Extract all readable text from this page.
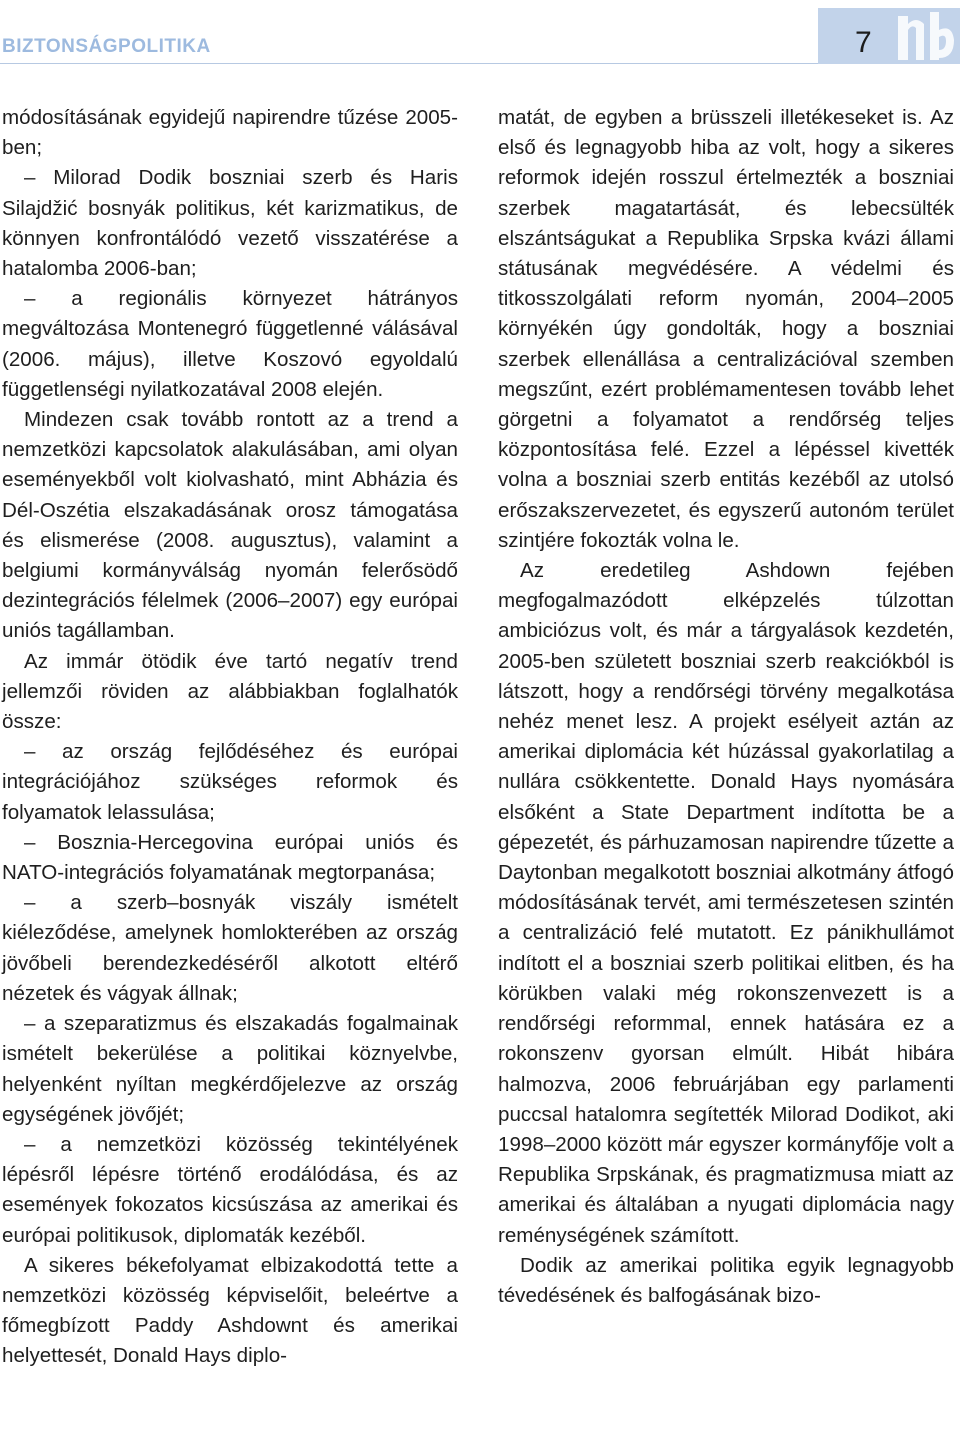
BIZTONSÁGPOLITIKA	7

módosításának egyidejű napirendre tűzése 2005-ben;

– Milorad Dodik boszniai szerb és Haris Silajdžić bosnyák politikus, két karizmatikus, de könnyen konfrontálódó vezető visszatérése a hatalomba 2006-ban;

– a regionális környezet hátrányos megváltozása Montenegró függetlenné válásával (2006. május), illetve Koszovó egyoldalú függetlenségi nyilatkozatával 2008 elején.

Mindezen csak tovább rontott az a trend a nemzetközi kapcsolatok alakulásában, ami olyan eseményekből volt kiolvasható, mint Abházia és Dél-Oszétia elszakadásának orosz támogatása és elismerése (2008. augusztus), valamint a belgiumi kormányválság nyomán felerősödő dezintegrációs félelmek (2006–2007) egy európai uniós tagállamban.

Az immár ötödik éve tartó negatív trend jellemzői röviden az alábbiakban foglalhatók össze:

– az ország fejlődéséhez és európai integrációjához szükséges reformok és folyamatok lelassulása;

– Bosznia-Hercegovina európai uniós és NATO-integrációs folyamatának megtorpanása;

– a szerb–bosnyák viszály ismételt kiéleződése, amelynek homlokterében az ország jövőbeli berendezkedéséről alkotott eltérő nézetek és vágyak állnak;

– a szeparatizmus és elszakadás fogalmainak ismételt bekerülése a politikai köznyelvbe, helyenként nyíltan megkérdőjelezve az ország egységének jövőjét;

– a nemzetközi közösség tekintélyének lépésről lépésre történő erodálódása, és az események fokozatos kicsúszása az amerikai és európai politikusok, diplomaták kezéből.

A sikeres békefolyamat elbizakodottá tette a nemzetközi közösség képviselőit, beleértve a főmegbízott Paddy Ashdownt és amerikai helyettesét, Donald Hays diplo-

matát, de egyben a brüsszeli illetékeseket is. Az első és legnagyobb hiba az volt, hogy a sikeres reformok idején rosszul értelmezték a boszniai szerbek magatartását, és lebecsülték elszántságukat a Republika Srpska kvázi állami státusának megvédésére. A védelmi és titkosszolgálati reform nyomán, 2004–2005 környékén úgy gondolták, hogy a boszniai szerbek ellenállása a centralizációval szemben megszűnt, ezért problémamentesen tovább lehet görgetni a folyamatot a rendőrség teljes központosítása felé. Ezzel a lépéssel kivették volna a boszniai szerb entitás kezéből az utolsó erőszakszervezetet, és egyszerű autonóm terület szintjére fokozták volna le.

Az eredetileg Ashdown fejében megfogalmazódott elképzelés túlzottan ambiciózus volt, és már a tárgyalások kezdetén, 2005-ben született boszniai szerb reakciókból is látszott, hogy a rendőrségi törvény megalkotása nehéz menet lesz. A projekt esélyeit aztán az amerikai diplomácia két húzással gyakorlatilag a nullára csökkentette. Donald Hays nyomására elsőként a State Department indította be a gépezetét, és párhuzamosan napirendre tűzette a Daytonban megalkotott boszniai alkotmány átfogó módosításának tervét, ami természetesen szintén a centralizáció felé mutatott. Ez pánikhullámot indított el a boszniai szerb politikai elitben, és ha körükben valaki még rokonszenvezett is a rendőrségi reformmal, ennek hatására ez a rokonszenv gyorsan elmúlt. Hibát hibára halmozva, 2006 februárjában egy parlamenti puccsal hatalomra segítették Milorad Dodikot, aki 1998–2000 között már egyszer kormányfője volt a Republika Srpskának, és pragmatizmusa miatt az amerikai és általában a nyugati diplomácia nagy reménységének számított.

Dodik az amerikai politika egyik legnagyobb tévedésének és balfogásának bizo-
